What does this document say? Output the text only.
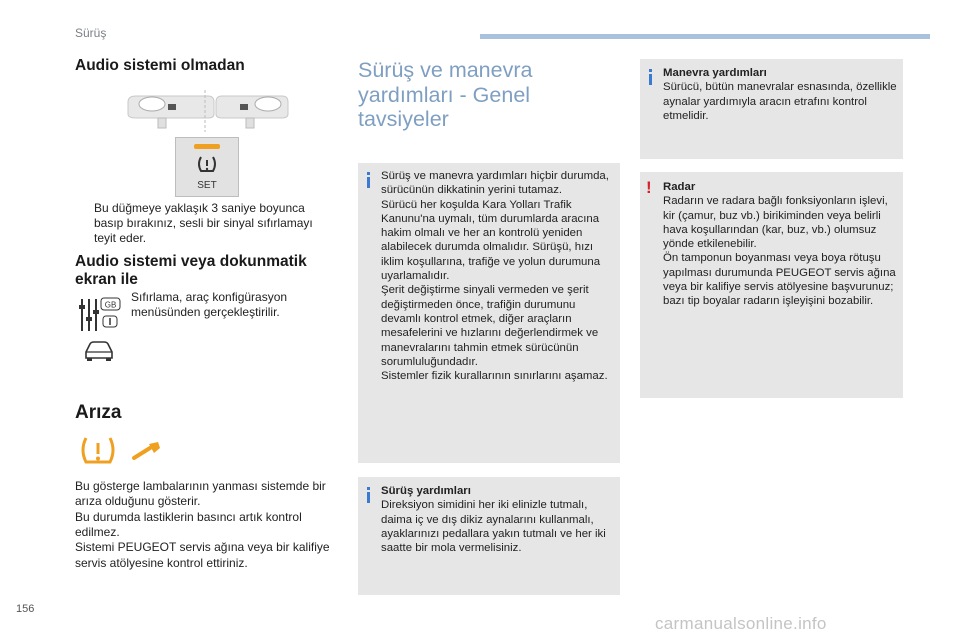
Sürüş
Audio sistemi olmadan
SET
Bu düğmeye yaklaşık 3 saniye boyunca basıp bırakınız, sesli bir sinyal sıfırlamayı teyit eder.
Audio sistemi veya dokunmatik ekran ile
GB
Sıfırlama, araç konfigürasyon menüsünden gerçekleştirilir.
Arıza
Bu gösterge lambalarının yanması sistemde bir arıza olduğunu gösterir.
Bu durumda lastiklerin basıncı artık kontrol edilmez.
Sistemi PEUGEOT servis ağına veya bir kalifiye servis atölyesine kontrol ettiriniz.
Sürüş ve manevra yardımları - Genel tavsiyeler
Sürüş ve manevra yardımları hiçbir durumda, sürücünün dikkatinin yerini tutamaz.
Sürücü her koşulda Kara Yolları Trafik Kanunu'na uymalı, tüm durumlarda aracına hakim olmalı ve her an kontrolü yeniden alabilecek durumda olmalıdır. Sürüşü, hızı iklim koşullarına, trafiğe ve yolun durumuna uyarlamalıdır.
Şerit değiştirme sinyali vermeden ve şerit değiştirmeden önce, trafiğin durumunu devamlı kontrol etmek, diğer araçların mesafelerini ve hızlarını değerlendirmek ve manevralarını tahmin etmek sürücünün sorumluluğundadır.
Sistemler fizik kurallarının sınırlarını aşamaz.
Sürüş yardımları
Direksiyon simidini her iki elinizle tutmalı, daima iç ve dış dikiz aynalarını kullanmalı, ayaklarınızı pedallara yakın tutmalı ve her iki saatte bir mola vermelisiniz.
Manevra yardımları
Sürücü, bütün manevralar esnasında, özellikle aynalar yardımıyla aracın etrafını kontrol etmelidir.
! Radar
Radarın ve radara bağlı fonksiyonların işlevi, kir (çamur, buz vb.) birikiminden veya belirli hava koşullarından (kar, buz, vb.) olumsuz yönde etkilenebilir.
Ön tamponun boyanması veya boya rötuşu yapılması durumunda PEUGEOT servis ağına veya bir kalifiye servis atölyesine başvurunuz; bazı tip boyalar radarın işleyişini bozabilir.
156
carmanualsonline.info
